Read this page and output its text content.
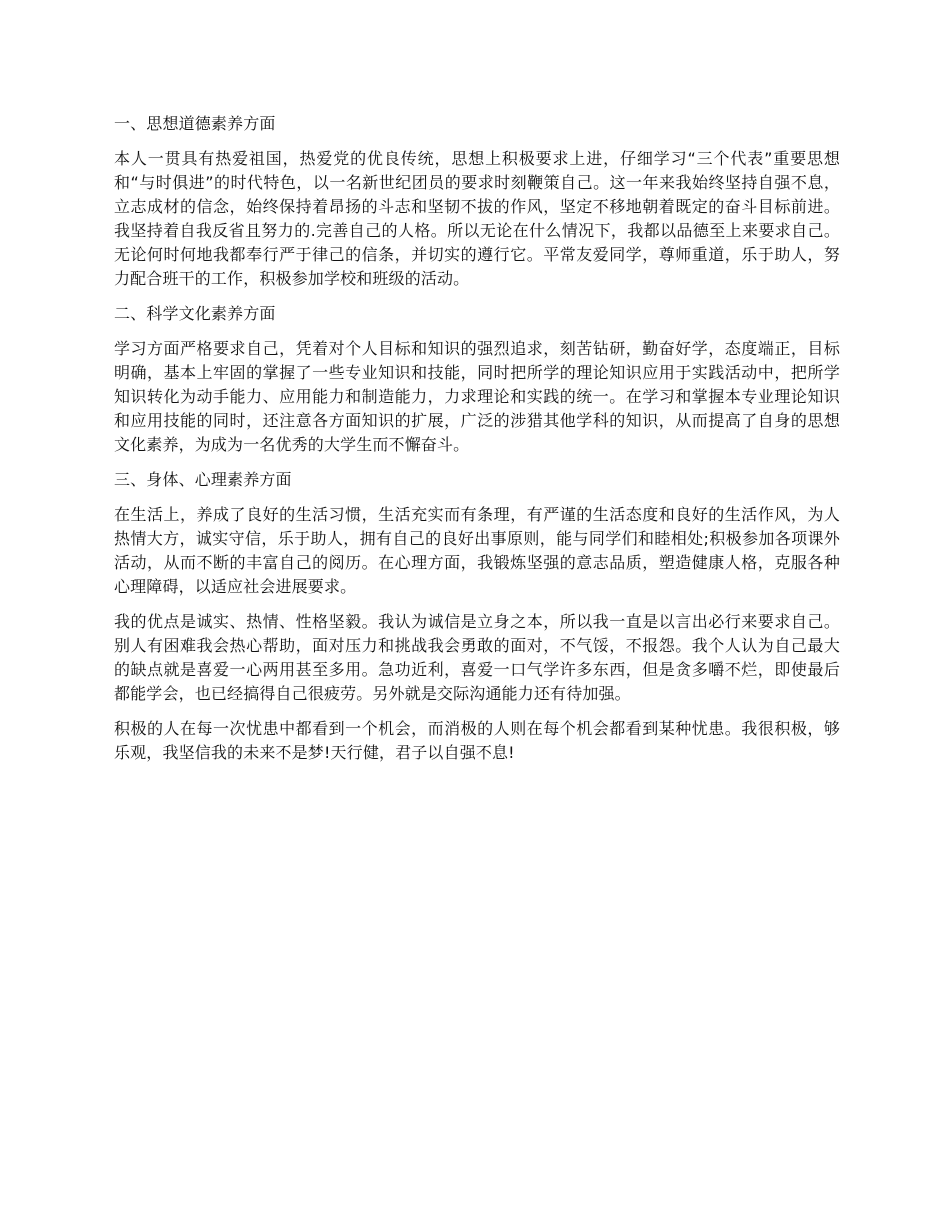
一、思想道德素养方面

本人一贯具有热爱祖国，热爱党的优良传统，思想上积极要求上进，仔细学习“三个代表”重要思想和“与时俱进”的时代特色，以一名新世纪团员的要求时刻鞭策自己。这一年来我始终坚持自强不息，立志成材的信念，始终保持着昂扬的斗志和坚韧不拔的作风，坚定不移地朝着既定的奋斗目标前进。我坚持着自我反省且努力的.完善自己的人格。所以无论在什么情况下，我都以品德至上来要求自己。无论何时何地我都奉行严于律己的信条，并切实的遵行它。平常友爱同学，尊师重道，乐于助人，努力配合班干的工作，积极参加学校和班级的活动。

二、科学文化素养方面

学习方面严格要求自己，凭着对个人目标和知识的强烈追求，刻苦钻研，勤奋好学，态度端正，目标明确，基本上牢固的掌握了一些专业知识和技能，同时把所学的理论知识应用于实践活动中，把所学知识转化为动手能力、应用能力和制造能力，力求理论和实践的统一。在学习和掌握本专业理论知识和应用技能的同时，还注意各方面知识的扩展，广泛的涉猎其他学科的知识，从而提高了自身的思想文化素养，为成为一名优秀的大学生而不懈奋斗。

三、身体、心理素养方面

在生活上，养成了良好的生活习惯，生活充实而有条理，有严谨的生活态度和良好的生活作风，为人热情大方，诚实守信，乐于助人，拥有自己的良好出事原则，能与同学们和睦相处;积极参加各项课外活动，从而不断的丰富自己的阅历。在心理方面，我锻炼坚强的意志品质，塑造健康人格，克服各种心理障碍，以适应社会进展要求。

我的优点是诚实、热情、性格坚毅。我认为诚信是立身之本，所以我一直是以言出必行来要求自己。别人有困难我会热心帮助，面对压力和挑战我会勇敢的面对，不气馁，不报怨。我个人认为自己最大的缺点就是喜爱一心两用甚至多用。急功近利，喜爱一口气学许多东西，但是贪多嚼不烂，即使最后都能学会，也已经搞得自己很疲劳。另外就是交际沟通能力还有待加强。

积极的人在每一次忧患中都看到一个机会，而消极的人则在每个机会都看到某种忧患。我很积极，够乐观，我坚信我的未来不是梦!天行健，君子以自强不息!
